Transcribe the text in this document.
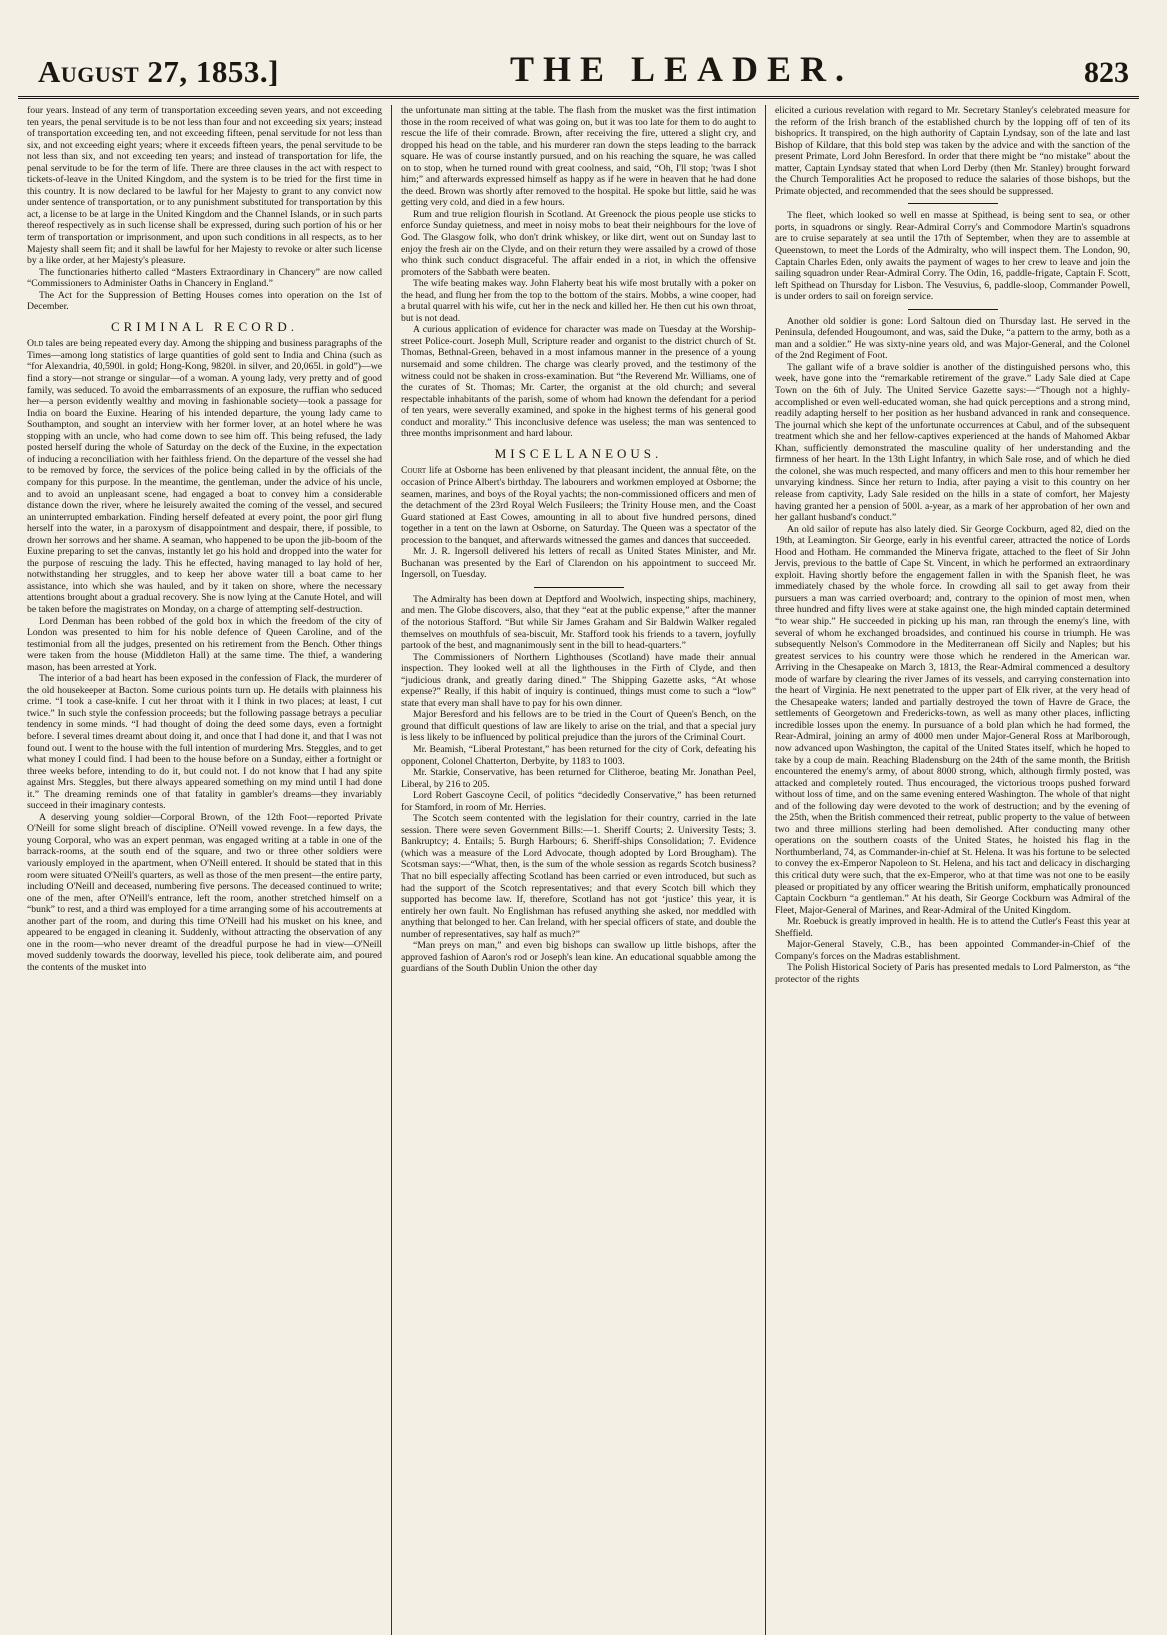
August 27, 1853.]	THE LEADER.	823

four years. Instead of any term of transportation exceeding seven years, and not exceeding ten years, the penal servitude is to be not less than four and not exceeding six years; instead of transportation exceeding ten, and not exceeding fifteen, penal servitude for not less than six, and not exceeding eight years; where it exceeds fifteen years, the penal servitude to be not less than six, and not exceeding ten years; and instead of transportation for life, the penal servitude to be for the term of life. There are three clauses in the act with respect to tickets-of-leave in the United Kingdom, and the system is to be tried for the first time in this country. It is now declared to be lawful for her Majesty to grant to any convict now under sentence of transportation, or to any punishment substituted for transportation by this act, a license to be at large in the United Kingdom and the Channel Islands, or in such parts thereof respectively as in such license shall be expressed, during such portion of his or her term of transportation or imprisonment, and upon such conditions in all respects, as to her Majesty shall seem fit; and it shall be lawful for her Majesty to revoke or alter such license by a like order, at her Majesty's pleasure.

The functionaries hitherto called “Masters Extraordinary in Chancery” are now called “Commissioners to Administer Oaths in Chancery in England.”

The Act for the Suppression of Betting Houses comes into operation on the 1st of December.

CRIMINAL RECORD.

Old tales are being repeated every day. Among the shipping and business paragraphs of the Times—among long statistics of large quantities of gold sent to India and China (such as “for Alexandria, 40,590l. in gold; Hong-Kong, 9820l. in silver, and 20,065l. in gold”)—we find a story—not strange or singular—of a woman. A young lady, very pretty and of good family, was seduced. To avoid the embarrassments of an exposure, the ruffian who seduced her—a person evidently wealthy and moving in fashionable society—took a passage for India on board the Euxine. Hearing of his intended departure, the young lady came to Southampton, and sought an interview with her former lover, at an hotel where he was stopping with an uncle, who had come down to see him off. This being refused, the lady posted herself during the whole of Saturday on the deck of the Euxine, in the expectation of inducing a reconciliation with her faithless friend. On the departure of the vessel she had to be removed by force, the services of the police being called in by the officials of the company for this purpose. In the meantime, the gentleman, under the advice of his uncle, and to avoid an unpleasant scene, had engaged a boat to convey him a considerable distance down the river, where he leisurely awaited the coming of the vessel, and secured an uninterrupted embarkation. Finding herself defeated at every point, the poor girl flung herself into the water, in a paroxysm of disappointment and despair, there, if possible, to drown her sorrows and her shame. A seaman, who happened to be upon the jib-boom of the Euxine preparing to set the canvas, instantly let go his hold and dropped into the water for the purpose of rescuing the lady. This he effected, having managed to lay hold of her, notwithstanding her struggles, and to keep her above water till a boat came to her assistance, into which she was hauled, and by it taken on shore, where the necessary attentions brought about a gradual recovery. She is now lying at the Canute Hotel, and will be taken before the magistrates on Monday, on a charge of attempting self-destruction.

Lord Denman has been robbed of the gold box in which the freedom of the city of London was presented to him for his noble defence of Queen Caroline, and of the testimonial from all the judges, presented on his retirement from the Bench. Other things were taken from the house (Middleton Hall) at the same time. The thief, a wandering mason, has been arrested at York.

The interior of a bad heart has been exposed in the confession of Flack, the murderer of the old housekeeper at Bacton. Some curious points turn up. He details with plainness his crime. “I took a case-knife. I cut her throat with it I think in two places; at least, I cut twice.” In such style the confession proceeds; but the following passage betrays a peculiar tendency in some minds. “I had thought of doing the deed some days, even a fortnight before. I several times dreamt about doing it, and once that I had done it, and that I was not found out. I went to the house with the full intention of murdering Mrs. Steggles, and to get what money I could find. I had been to the house before on a Sunday, either a fortnight or three weeks before, intending to do it, but could not. I do not know that I had any spite against Mrs. Steggles, but there always appeared something on my mind until I had done it.” The dreaming reminds one of that fatality in gambler's dreams—they invariably succeed in their imaginary contests.

A deserving young soldier—Corporal Brown, of the 12th Foot—reported Private O'Neill for some slight breach of discipline. O'Neill vowed revenge. In a few days, the young Corporal, who was an expert penman, was engaged writing at a table in one of the barrack-rooms, at the south end of the square, and two or three other soldiers were variously employed in the apartment, when O'Neill entered. It should be stated that in this room were situated O'Neill's quarters, as well as those of the men present—the entire party, including O'Neill and deceased, numbering five persons. The deceased continued to write; one of the men, after O'Neill's entrance, left the room, another stretched himself on a “bunk” to rest, and a third was employed for a time arranging some of his accoutrements at another part of the room, and during this time O'Neill had his musket on his knee, and appeared to be engaged in cleaning it. Suddenly, without attracting the observation of any one in the room—who never dreamt of the dreadful purpose he had in view—O'Neill moved suddenly towards the doorway, levelled his piece, took deliberate aim, and poured the contents of the musket into

the unfortunate man sitting at the table. The flash from the musket was the first intimation those in the room received of what was going on, but it was too late for them to do aught to rescue the life of their comrade. Brown, after receiving the fire, uttered a slight cry, and dropped his head on the table, and his murderer ran down the steps leading to the barrack square. He was of course instantly pursued, and on his reaching the square, he was called on to stop, when he turned round with great coolness, and said, “Oh, I'll stop; 'twas I shot him;” and afterwards expressed himself as happy as if he were in heaven that he had done the deed. Brown was shortly after removed to the hospital. He spoke but little, said he was getting very cold, and died in a few hours.

Rum and true religion flourish in Scotland. At Greenock the pious people use sticks to enforce Sunday quietness, and meet in noisy mobs to beat their neighbours for the love of God. The Glasgow folk, who don't drink whiskey, or like dirt, went out on Sunday last to enjoy the fresh air on the Clyde, and on their return they were assailed by a crowd of those who think such conduct disgraceful. The affair ended in a riot, in which the offensive promoters of the Sabbath were beaten.

The wife beating makes way. John Flaherty beat his wife most brutally with a poker on the head, and flung her from the top to the bottom of the stairs. Mobbs, a wine cooper, had a brutal quarrel with his wife, cut her in the neck and killed her. He then cut his own throat, but is not dead.

A curious application of evidence for character was made on Tuesday at the Worship-street Police-court. Joseph Mull, Scripture reader and organist to the district church of St. Thomas, Bethnal-Green, behaved in a most infamous manner in the presence of a young nursemaid and some children. The charge was clearly proved, and the testimony of the witness could not be shaken in cross-examination. But “the Reverend Mr. Williams, one of the curates of St. Thomas; Mr. Carter, the organist at the old church; and several respectable inhabitants of the parish, some of whom had known the defendant for a period of ten years, were severally examined, and spoke in the highest terms of his general good conduct and morality.” This inconclusive defence was useless; the man was sentenced to three months imprisonment and hard labour.

MISCELLANEOUS.

Court life at Osborne has been enlivened by that pleasant incident, the annual fête, on the occasion of Prince Albert's birthday. The labourers and workmen employed at Osborne; the seamen, marines, and boys of the Royal yachts; the non-commissioned officers and men of the detachment of the 23rd Royal Welch Fusileers; the Trinity House men, and the Coast Guard stationed at East Cowes, amounting in all to about five hundred persons, dined together in a tent on the lawn at Osborne, on Saturday. The Queen was a spectator of the procession to the banquet, and afterwards witnessed the games and dances that succeeded.

Mr. J. R. Ingersoll delivered his letters of recall as United States Minister, and Mr. Buchanan was presented by the Earl of Clarendon on his appointment to succeed Mr. Ingersoll, on Tuesday.

The Admiralty has been down at Deptford and Woolwich, inspecting ships, machinery, and men. The Globe discovers, also, that they “eat at the public expense,” after the manner of the notorious Stafford. “But while Sir James Graham and Sir Baldwin Walker regaled themselves on mouthfuls of sea-biscuit, Mr. Stafford took his friends to a tavern, joyfully partook of the best, and magnanimously sent in the bill to head-quarters.”

The Commissioners of Northern Lighthouses (Scotland) have made their annual inspection. They looked well at all the lighthouses in the Firth of Clyde, and then “judicious drank, and greatly daring dined.” The Shipping Gazette asks, “At whose expense?” Really, if this habit of inquiry is continued, things must come to such a “low” state that every man shall have to pay for his own dinner.

Major Beresford and his fellows are to be tried in the Court of Queen's Bench, on the ground that difficult questions of law are likely to arise on the trial, and that a special jury is less likely to be influenced by political prejudice than the jurors of the Criminal Court.

Mr. Beamish, “Liberal Protestant,” has been returned for the city of Cork, defeating his opponent, Colonel Chatterton, Derbyite, by 1183 to 1003.

Mr. Starkie, Conservative, has been returned for Clitheroe, beating Mr. Jonathan Peel, Liberal, by 216 to 205.

Lord Robert Gascoyne Cecil, of politics “decidedly Conservative,” has been returned for Stamford, in room of Mr. Herries.

The Scotch seem contented with the legislation for their country, carried in the late session. There were seven Government Bills:—1. Sheriff Courts; 2. University Tests; 3. Bankruptcy; 4. Entails; 5. Burgh Harbours; 6. Sheriff-ships Consolidation; 7. Evidence (which was a measure of the Lord Advocate, though adopted by Lord Brougham). The Scotsman says:—“What, then, is the sum of the whole session as regards Scotch business? That no bill especially affecting Scotland has been carried or even introduced, but such as had the support of the Scotch representatives; and that every Scotch bill which they supported has become law. If, therefore, Scotland has not got ‘justice’ this year, it is entirely her own fault. No Englishman has refused anything she asked, nor meddled with anything that belonged to her. Can Ireland, with her special officers of state, and double the number of representatives, say half as much?”

“Man preys on man,” and even big bishops can swallow up little bishops, after the approved fashion of Aaron's rod or Joseph's lean kine. An educational squabble among the guardians of the South Dublin Union the other day

elicited a curious revelation with regard to Mr. Secretary Stanley's celebrated measure for the reform of the Irish branch of the established church by the lopping off of ten of its bishoprics. It transpired, on the high authority of Captain Lyndsay, son of the late and last Bishop of Kildare, that this bold step was taken by the advice and with the sanction of the present Primate, Lord John Beresford. In order that there might be “no mistake” about the matter, Captain Lyndsay stated that when Lord Derby (then Mr. Stanley) brought forward the Church Temporalities Act he proposed to reduce the salaries of those bishops, but the Primate objected, and recommended that the sees should be suppressed.

The fleet, which looked so well en masse at Spithead, is being sent to sea, or other ports, in squadrons or singly. Rear-Admiral Corry's and Commodore Martin's squadrons are to cruise separately at sea until the 17th of September, when they are to assemble at Queenstown, to meet the Lords of the Admiralty, who will inspect them. The London, 90, Captain Charles Eden, only awaits the payment of wages to her crew to leave and join the sailing squadron under Rear-Admiral Corry. The Odin, 16, paddle-frigate, Captain F. Scott, left Spithead on Thursday for Lisbon. The Vesuvius, 6, paddle-sloop, Commander Powell, is under orders to sail on foreign service.

Another old soldier is gone: Lord Saltoun died on Thursday last. He served in the Peninsula, defended Hougoumont, and was, said the Duke, “a pattern to the army, both as a man and a soldier.” He was sixty-nine years old, and was Major-General, and the Colonel of the 2nd Regiment of Foot.

The gallant wife of a brave soldier is another of the distinguished persons who, this week, have gone into the “remarkable retirement of the grave.” Lady Sale died at Cape Town on the 6th of July. The United Service Gazette says:—“Though not a highly-accomplished or even well-educated woman, she had quick perceptions and a strong mind, readily adapting herself to her position as her husband advanced in rank and consequence. The journal which she kept of the unfortunate occurrences at Cabul, and of the subsequent treatment which she and her fellow-captives experienced at the hands of Mahomed Akbar Khan, sufficiently demonstrated the masculine quality of her understanding and the firmness of her heart. In the 13th Light Infantry, in which Sale rose, and of which he died the colonel, she was much respected, and many officers and men to this hour remember her unvarying kindness. Since her return to India, after paying a visit to this country on her release from captivity, Lady Sale resided on the hills in a state of comfort, her Majesty having granted her a pension of 500l. a-year, as a mark of her approbation of her own and her gallant husband's conduct.”

An old sailor of repute has also lately died. Sir George Cockburn, aged 82, died on the 19th, at Leamington. Sir George, early in his eventful career, attracted the notice of Lords Hood and Hotham. He commanded the Minerva frigate, attached to the fleet of Sir John Jervis, previous to the battle of Cape St. Vincent, in which he performed an extraordinary exploit. Having shortly before the engagement fallen in with the Spanish fleet, he was immediately chased by the whole force. In crowding all sail to get away from their pursuers a man was carried overboard; and, contrary to the opinion of most men, when three hundred and fifty lives were at stake against one, the high minded captain determined “to wear ship.” He succeeded in picking up his man, ran through the enemy's line, with several of whom he exchanged broadsides, and continued his course in triumph. He was subsequently Nelson's Commodore in the Mediterranean off Sicily and Naples; but his greatest services to his country were those which he rendered in the American war. Arriving in the Chesapeake on March 3, 1813, the Rear-Admiral commenced a desultory mode of warfare by clearing the river James of its vessels, and carrying consternation into the heart of Virginia. He next penetrated to the upper part of Elk river, at the very head of the Chesapeake waters; landed and partially destroyed the town of Havre de Grace, the settlements of Georgetown and Fredericks-town, as well as many other places, inflicting incredible losses upon the enemy. In pursuance of a bold plan which he had formed, the Rear-Admiral, joining an army of 4000 men under Major-General Ross at Marlborough, now advanced upon Washington, the capital of the United States itself, which he hoped to take by a coup de main. Reaching Bladensburg on the 24th of the same month, the British encountered the enemy's army, of about 8000 strong, which, although firmly posted, was attacked and completely routed. Thus encouraged, the victorious troops pushed forward without loss of time, and on the same evening entered Washington. The whole of that night and of the following day were devoted to the work of destruction; and by the evening of the 25th, when the British commenced their retreat, public property to the value of between two and three millions sterling had been demolished. After conducting many other operations on the southern coasts of the United States, he hoisted his flag in the Northumberland, 74, as Commander-in-chief at St. Helena. It was his fortune to be selected to convey the ex-Emperor Napoleon to St. Helena, and his tact and delicacy in discharging this critical duty were such, that the ex-Emperor, who at that time was not one to be easily pleased or propitiated by any officer wearing the British uniform, emphatically pronounced Captain Cockburn “a gentleman.” At his death, Sir George Cockburn was Admiral of the Fleet, Major-General of Marines, and Rear-Admiral of the United Kingdom.

Mr. Roebuck is greatly improved in health. He is to attend the Cutler's Feast this year at Sheffield.

Major-General Stavely, C.B., has been appointed Commander-in-Chief of the Company's forces on the Madras establishment.

The Polish Historical Society of Paris has presented medals to Lord Palmerston, as “the protector of the rights
